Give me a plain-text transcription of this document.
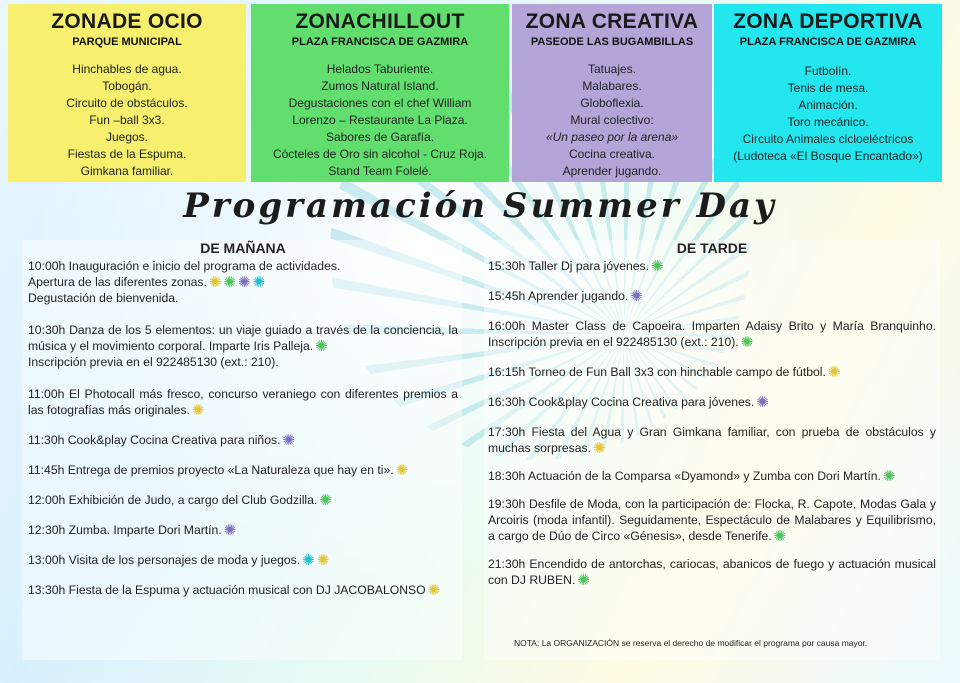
ZONADE OCIO
PARQUE MUNICIPAL
Hinchables de agua.
Tobogán.
Circuito de obstáculos.
Fun –ball 3x3.
Juegos.
Fiestas de la Espuma.
Gimkana familiar.
ZONACHILLOUT
PLAZA FRANCISCA DE GAZMIRA
Helados Taburiente.
Zumos Natural Island.
Degustaciones con el chef William
Lorenzo – Restaurante La Plaza.
Sabores de Garafía.
Cócteles de Oro sin alcohol - Cruz Roja.
Stand Team Folelé.
ZONA CREATIVA
PASEODE LAS BUGAMBILLAS
Tatuajes.
Malabares.
Globoflexia.
Mural colectivo:
«Un paseo por la arena»
Cocina creativa.
Aprender jugando.
ZONA DEPORTIVA
PLAZA FRANCISCA DE GAZMIRA
Futbolín.
Tenis de mesa.
Animación.
Toro mecánico.
Circuito Animales cicloeléctricos
(Ludoteca «El Bosque Encantado»)
Programación Summer Day
DE MAÑANA
10:00h Inauguración e inicio del programa de actividades.
Apertura de las diferentes zonas. ✺ ✺ ✺ ✺
Degustación de bienvenida.
10:30h Danza de los 5 elementos: un viaje guiado a través de la conciencia, la música y el movimiento corporal. Imparte Iris Palleja. ✺
Inscripción previa en el 922485130 (ext.: 210).
11:00h El Photocall más fresco, concurso veraniego con diferentes premios a las fotografías más originales. ✺
11:30h Cook&play Cocina Creativa para niños. ✺
11:45h Entrega de premios proyecto «La Naturaleza que hay en ti». ✺
12:00h Exhibición de Judo, a cargo del Club Godzilla. ✺
12:30h Zumba. Imparte Dori Martín. ✺
13:00h Visita de los personajes de moda y juegos. ✺ ✺
13:30h Fiesta de la Espuma y actuación musical con DJ JACOBALONSO ✺
DE TARDE
15:30h Taller Dj para jóvenes. ✺
15:45h Aprender jugando. ✺
16:00h Master Class de Capoeira. Imparten Adaisy Brito y María Branquinho. Inscripción previa en el 922485130 (ext.: 210). ✺
16:15h Torneo de Fun Ball 3x3 con hinchable campo de fútbol. ✺
16:30h Cook&play Cocina Creativa para jóvenes. ✺
17:30h Fiesta del Agua y Gran Gimkana familiar, con prueba de obstáculos y muchas sorpresas. ✺
18:30h Actuación de la Comparsa «Dyamond» y Zumba con Dori Martín. ✺
19:30h Desfile de Moda, con la participación de: Flocka, R. Capote, Modas Gala y Arcoiris (moda infantil). Seguidamente, Espectáculo de Malabares y Equilibrismo, a cargo de Dúo de Circo «Génesis», desde Tenerife. ✺
21:30h Encendido de antorchas, cariocas, abanicos de fuego y actuación musical con DJ RUBEN. ✺
NOTA: La ORGANIZACIÓN se reserva el derecho de modificar el programa por causa mayor.
